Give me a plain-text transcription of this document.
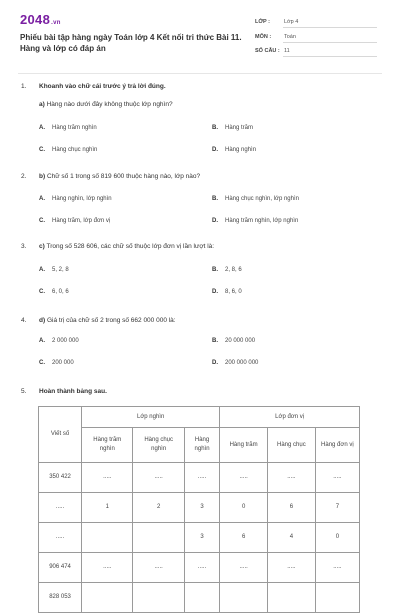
2048.vn
Phiếu bài tập hàng ngày Toán lớp 4 Kết nối tri thức Bài 11. Hàng và lớp có đáp án
LỚP :	Lớp 4
MÔN : Toán
SỐ CÂU : 11
1. Khoanh vào chữ cái trước ý trả lời đúng.
a) Hàng nào dưới đây không thuộc lớp nghìn?
A. Hàng trăm nghìn	B. Hàng trăm
C. Hàng chục nghìn	D. Hàng nghìn
2. b) Chữ số 1 trong số 819 600 thuộc hàng nào, lớp nào?
A. Hàng nghìn, lớp nghìn	B. Hàng chục nghìn, lớp nghìn
C. Hàng trăm, lớp đơn vị	D. Hàng trăm nghìn, lớp nghìn
3. c) Trong số 528 606, các chữ số thuộc lớp đơn vị lần lượt là:
A. 5, 2, 8	B. 2, 8, 6
C. 6, 0, 6	D. 8, 6, 0
4. d) Giá trị của chữ số 2 trong số 662 000 000 là:
A. 2 000 000	B. 20 000 000
C. 200 000	D. 200 000 000
5. Hoàn thành bảng sau.
Viết số	Lớp nghìn			Lớp đơn vị		
	Hàng trăm nghìn	Hàng chục nghìn	Hàng nghìn	Hàng trăm	Hàng chục	Hàng đơn vị
350 422	.....	.....	.....	.....	.....	.....
.....	1	2	3	0	6	7
.....			3	6	4	0
906 474	.....	.....	.....	.....	.....	.....
828 053						
